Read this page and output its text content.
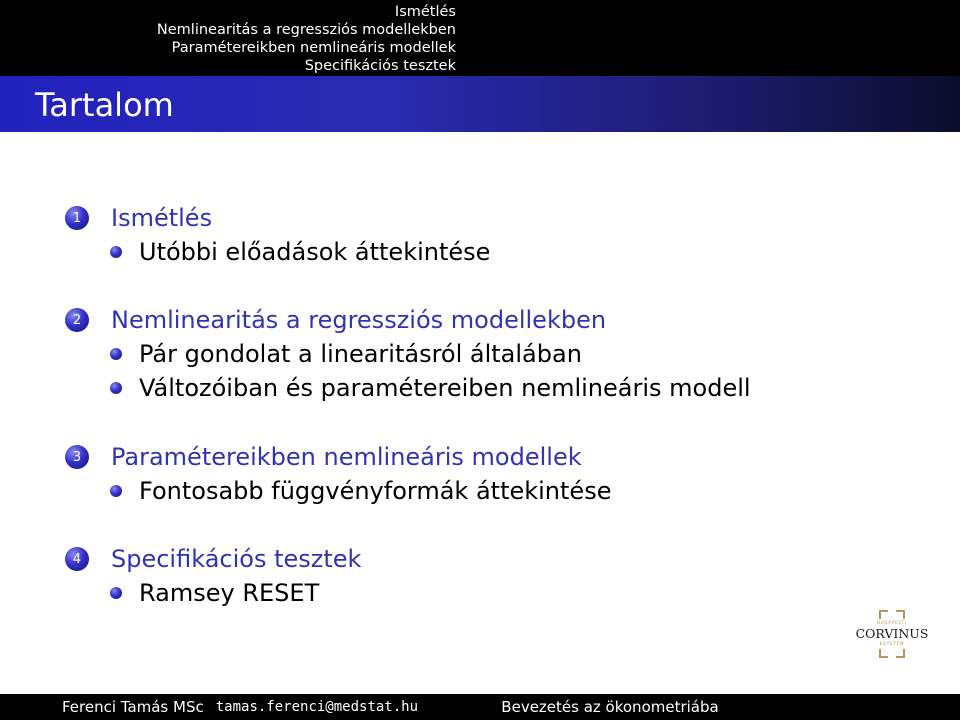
Ismétlés
Nemlinearitás a regressziós modellekben
Paramétereikben nemlineáris modellek
Specifikációs tesztek
Tartalom
1	Ismétlés
Utóbbi előadások áttekintése
2	Nemlinearitás a regressziós modellekben
Pár gondolat a linearitásról általában
Változóiban és paramétereiben nemlineáris modell
3	Paramétereikben nemlineáris modellek
Fontosabb függvényformák áttekintése
4	Specifikációs tesztek
Ramsey RESET
BUDAPESTI
CORVINUS
EGYETEM
Ferenci Tamás MSc tamas.ferenci@medstat.hu	Bevezetés az ökonometriába
